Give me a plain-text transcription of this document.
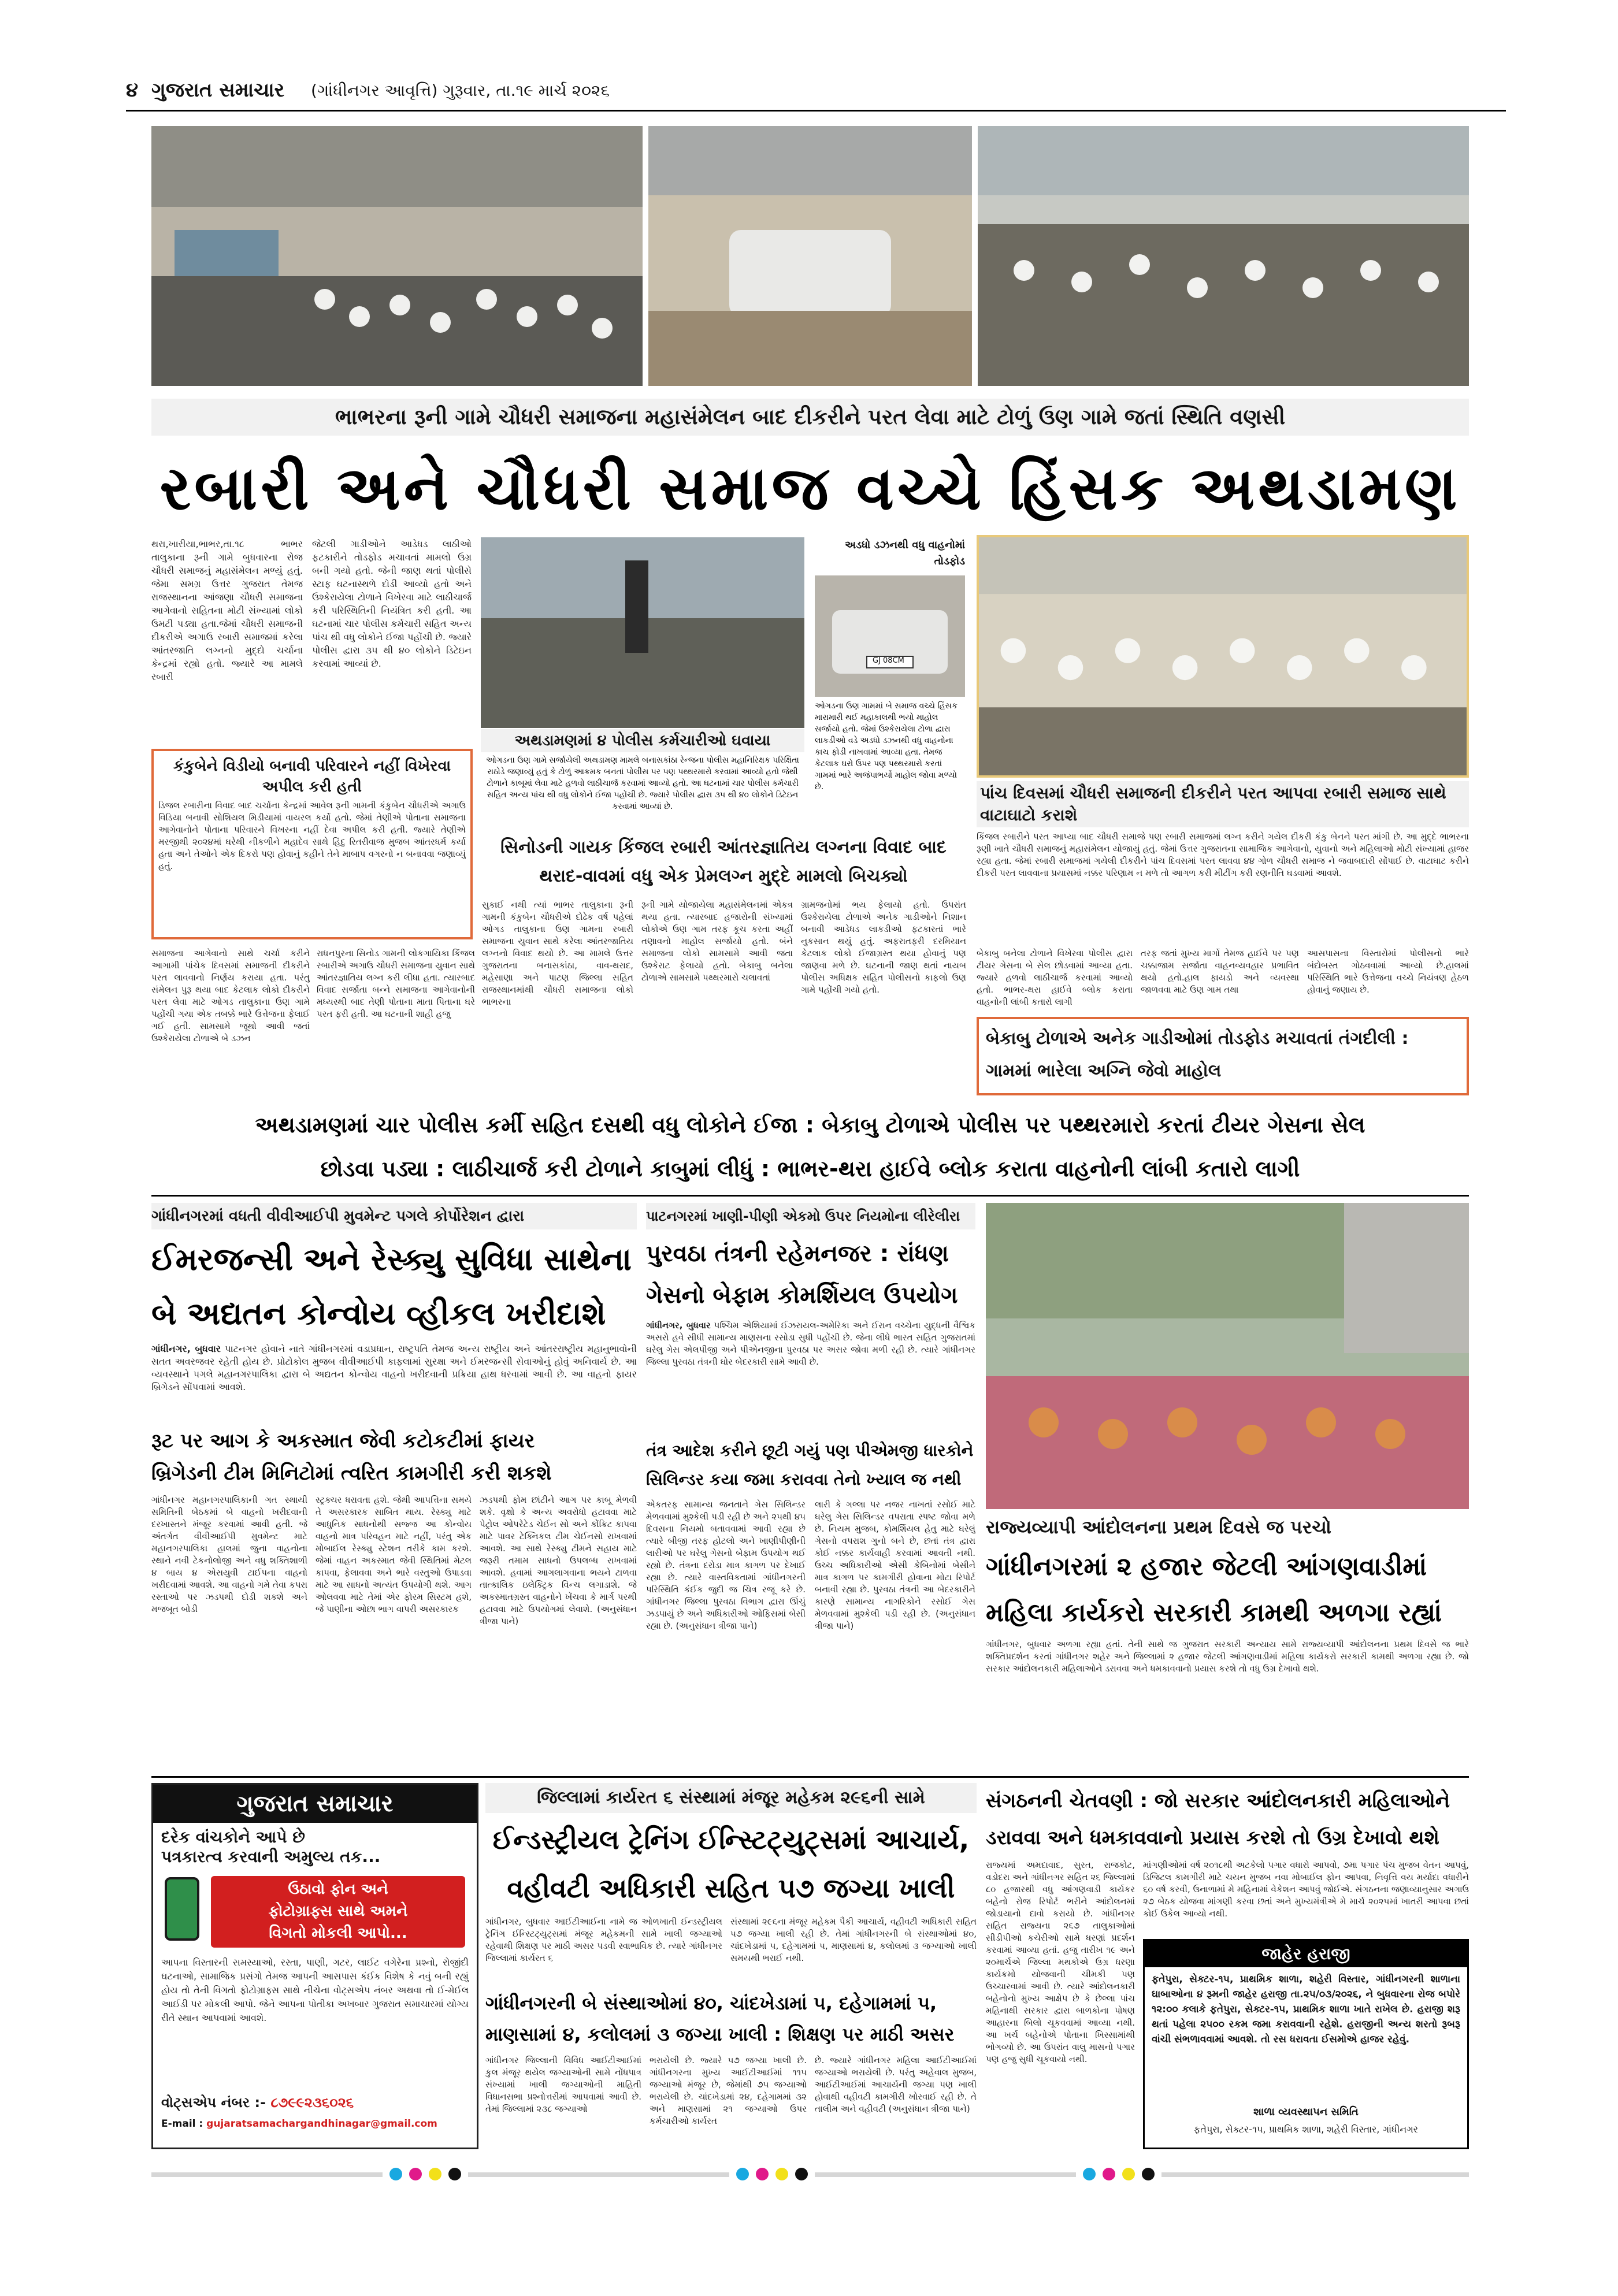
૪ ગુજરાત સમાચાર (ગાંધીનગર આવૃત્તિ) ગુરૂવાર, તા.૧૯ માર્ચ ૨૦૨૬
ભાભરના રૂની ગામે ચૌધરી સમાજના મહાસંમેલન બાદ દીકરીને પરત લેવા માટે ટોળું ઉણ ગામે જતાં સ્થિતિ વણસી
રબારી અને ચૌધરી સમાજ વચ્ચે હિંસક અથડામણ
થરા,ખારીયા,ભાભર,તા.૧૮ ભાભર તાલુકાના રૂની ગામે બુધવારના રોજ ચૌધરી સમાજનું મહાસંમેલન મળ્યું હતું. જેમા સમગ્ર ઉત્તર ગુજરાત તેમજ રાજસ્થાનના આંજણા ચૌધરી સમાજના આગેવાનો સહિતના મોટી સંખ્યામાં લોકો ઉમટી પડ્યા હતા.જેમાં ચૌધરી સમાજની દીકરીએ અગાઉ રબારી સમાજમાં કરેલા આંતરજાતિ લગ્નનો મુદ્દો ચર્ચાના કેન્દ્રમાં રહ્યો હતો. જ્યારે આ મામલે રબારી
જેટલી ગાડીઓને આડેધડ લાઠીઓ ફટકારીને તોડફોડ મચાવતાં મામલો ઉગ્ર બની ગયો હતો. જેની જાણ થતાં પોલીસે સ્ટાફ ઘટનાસ્થળે દોડી આવ્યો હતો અને ઉશ્કેરાયેલા ટોળાને વિખેરવા માટે લાઠીચાર્જ કરી પરિસ્થિતિની નિયંત્રિત કરી હતી. આ ઘટનામાં ચાર પોલીસ કર્મચારી સહિત અન્ય પાંચ થી વધુ લોકોને ઈજા પહોંચી છે. જ્યારે પોલીસ દ્વારા ૩૫ થી ૪૦ લોકોને ડિટેઇન કરવામાં આવ્યાં છે.
અથડામણમાં ૪ પોલીસ કર્મચારીઓ ઘવાયા
ઓગડના ઉણ ગામે સર્જાયેલી અથડામણ મામલે બનાસકાંઠા રેન્જના પોલીસ મહાનિરિક્ષક પરિક્ષિતા રાઠોડે જણાવ્યું હતું કે ટોળું આક્રમક બનતાં પોલીસ પર પણ પથ્થરમારો કરવામાં આવ્યો હતો જેથી ટોળાને કાબૂમાં લેવા માટે હળવો લાઠીચાર્જ કરવામાં આવ્યો હતો. આ ઘટનામાં ચાર પોલીસ કર્મચારી સહિત અન્ય પાંચ થી વધુ લોકોને ઈજા પહોંચી છે. જ્યારે પોલીસ દ્વારા ૩૫ થી ૪૦ લોકોને ડિટેઇન કરવામાં આવ્યાં છે.
અડધો ડઝનથી વધુ વાહનોમાં તોડફોડ
GJ 08CM
ઓગડના ઉણ ગામમાં બે સમાજ વચ્ચે હિંસક મારામારી થઈ મહાકાલથી ભયો માહોલ સર્જાયો હતો. જેમાં ઉશ્કેરાયેલા ટોળા દ્વારા લાકડીઓ વડે અડધો ડઝનથી વધુ વાહનોના કાચ ફોડી નાખવામાં આવ્યા હતા. તેમજ કેટલાક ઘરો ઉપર પણ પથ્થરમારો કરતાં ગામમાં ભારે અજંપાભર્યો માહોલ જોવા મળ્યો છે.
કંકુબેને વિડીયો બનાવી પરિવારને નહીં વિખેરવા અપીલ કરી હતી
ડિજલ રબારીના વિવાદ બાદ ચર્ચાના કેન્દ્રમાં આવેલ રૂની ગામની કંકુબેન ચૌધરીએ અગાઉ વિડિયા બનાવી સોશિયલ મિડીયામાં વાયરલ કર્યો હતો. જેમાં તેણીએ પોતાના સમાજના આગેવાનોને પોતાના પરિવારને વિખરના નહીં દેવા અપીલ કરી હતી. જ્યારે તેણીએ મરજીથી ૨૦૨૪માં ઘરેથી નીકળીને મહાદેવ સાથે હિંદુ રિતરીવાજ મુજબ આંતરધર્મ કર્યા હતા અને તેઓને એક દિકરો પણ હોવાનું કહીને તેને માબાપ વગરનો ન બનાવવા જણાવ્યું હતું.
પાંચ દિવસમાં ચૌધરી સમાજની દીકરીને પરત આપવા રબારી સમાજ સાથે વાટાઘાટો કરાશે
કિંજલ રબારીને પરત આપ્યા બાદ ચૌધરી સમાજે પણ રબારી સમાજમાં લગ્ન કરીને ગયેલ દીકરી કંકુ બેનને પરત માંગી છે. આ મુદ્દે ભાભરના રૂણી ખાતે ચૌધરી સમાજનું મહાસંમેલન યોજાયું હતું. જેમાં ઉત્તર ગુજરાતના સામાજિક આગેવાનો, યુવાનો અને મહિલાઓ મોટી સંખ્યામાં હાજર રહ્યા હતા. જેમાં રબારી સમાજમાં ગયેલી દીકરીને પાંચ દિવસમાં પરત લાવવા ૪૪ ગોળ ચૌધરી સમાજ ને જવાબદારી સોંપાઈ છે. વાટાઘાટ કરીને દીકરી પરત લાવવાના પ્રયાસમાં નક્કર પરિણામ ન મળે તો આગળ કરી મીટીંગ કરી રણનીતિ ઘડવામાં આવશે.
સિનોડની ગાયક કિંજલ રબારી આંતરજ્ઞાતિય લગ્નના વિવાદ બાદ થરાદ-વાવમાં વધુ એક પ્રેમલગ્ન મુદ્દે મામલો બિચક્યો
સમાજના આગેવાનો સાથે ચર્ચા કરીને આગામી પાંચેક દિવસમાં સમાજની દીકરીને પરત લાવવાનો નિર્ણય કરાયા હતા. પરંતુ સંમેલન પુરૂ થયા બાદ કેટલાક લોકો દીકરીને પરત લેવા માટે ઓગડ તાલુકાના ઉણ ગામે પહોંચી ગયા એક તબક્કે ભારે ઉત્તેજના ફેલાઈ ગઈ હતી. સામસામે જૂથો આવી જતાં ઉશ્કેરાયેલા ટોળાએ બે ડઝન
રાધનપુરના સિનોડ ગામની લોકગાયિકા કિંજલ રબારીએ અગાઉ ચૌધરી સમાજના યુવાન સાથે આંતરજ્ઞાતિય લગ્ન કરી લીધા હતા. ત્યારબાદ વિવાદ સર્જાતા બન્ને સમાજના આગેવાનોની મધ્યસ્થી બાદ તેણી પોતાના માતા પિતાના ઘરે પરત ફરી હતી. આ ઘટનાની શાહી હજુ
સુકાઈ નથી ત્યાં ભાભર તાલુકાના રૂની ગામની કંકુબેન ચૌધરીએ દોઢેક વર્ષ પહેલાં ઓગડ તાલુકાના ઉણ ગામના રબારી સમાજના યુવાન સાથે કરેલા આંતરજાતિય લગ્નનો વિવાદ થયો છે. આ મામલે ઉત્તર ગુજરાતના બનાસકાંઠા, વાવ-થરાદ, મહેસાણા અને પાટણ જિલ્લા સહિત રાજસ્થાનમાંથી ચૌધરી સમાજના લોકો ભાભરના
રૂની ગામે યોજાયેલા મહાસંમેલનમાં એકત્ર થયા હતા. ત્યારબાદ હજારોની સંખ્યામાં લોકોએ ઉણ ગામ તરફ કૂચ કરતા અહીં તણાવનો માહોલ સર્જાયો હતો. બંને સમાજના લોકો સામસામે આવી જતા ઉશ્કેરાટ ફેલાયો હતો. બેકાબુ બનેલા ટોળાએ સામસામે પથ્થરમારો ચલાવતાં
ગ્રામજનોમાં ભય ફેલાયો હતો. ઉપરાંત ઉશ્કેરાયેલા ટોળાએ અનેક ગાડીઓને નિશાન બનાવી આડેધડ લાકડીઓ ફટકારતાં ભારે નુકસાન થયું હતું. અફરાતફરી દરમિયાન કેટલાક લોકો ઈજાગ્રસ્ત થયા હોવાનું પણ જાણવા મળે છે. ઘટનાની જાણ થતાં નાયબ પોલીસ અધિક્ષક સહિત પોલીસનો કાફલો ઉણ ગામે પહોંચી ગયો હતો.
બેકાબુ બનેલા ટોળાને વિખેરવા પોલીસ દ્વારા ટીયર ગેસના બે સેલ છોડવામાં આવ્યા હતા. જ્યારે હળવો લાઠીચાર્જ કરવામાં આવ્યો હતો. ભાભર-થરા હાઈવે બ્લોક કરાતા વાહનોની લાંબી કતારો લાગી
તરફ જતાં મુખ્ય માર્ગો તેમજ હાઈવે પર પણ ચક્કાજામ સર્જાતા વાહનવ્યવહાર પ્રભાવિત થયો હતો.હાલ ફાયડો અને વ્યવસ્થા જાળવવા માટે ઉણ ગામ તથા
આસપાસના વિસ્તારોમાં પોલીસનો ભારે બંદોબસ્ત ગોઠવવામાં આવ્યો છે.હાલમાં પરિસ્થિતિ ભારે ઉત્તેજના વચ્ચે નિયંત્રણ હેઠળ હોવાનું જણાય છે.
બેકાબુ ટોળાએ અનેક ગાડીઓમાં તોડફોડ મચાવતાં તંગદીલી : ગામમાં ભારેલા અગ્નિ જેવો માહોલ
અથડામણમાં ચાર પોલીસ કર્મી સહિત દસથી વધુ લોકોને ઈજા : બેકાબુ ટોળાએ પોલીસ પર પથ્થરમારો કરતાં ટીયર ગેસના સેલ
છોડવા પડ્યા : લાઠીચાર્જ કરી ટોળાને કાબુમાં લીધું : ભાભર-થરા હાઈવે બ્લોક કરાતા વાહનોની લાંબી કતારો લાગી
ગાંધીનગરમાં વધતી વીવીઆઈપી મુવમેન્ટ પગલે કોર્પોરેશન દ્વારા
ઈમરજન્સી અને રેસ્ક્યુ સુવિધા સાથેના
બે અદ્યતન કોન્વોય વ્હીકલ ખરીદાશે
ગાંધીનગર, બુધવાર પાટનગર હોવાને નાતે ગાંધીનગરમાં વડાપ્રધાન, રાષ્ટ્રપતિ તેમજ અન્ય રાષ્ટ્રીય અને આંતરરાષ્ટ્રીય મહાનુભાવોની સતત અવરજવર રહેતી હોય છે. પ્રોટોકોલ મુજબ વીવીઆઈપી કાફલામાં સુરક્ષા અને ઈમરજન્સી સેવાઓનું હોવું અનિવાર્ય છે. આ વ્યવસ્થાને પગલે મહાનગરપાલિકા દ્વારા બે અદ્યતન કોન્વોય વાહનો ખરીદવાની પ્રક્રિયા હાથ ધરવામાં આવી છે. આ વાહનો ફાયર બ્રિગેડને સોંપવામાં આવશે.
રૂટ પર આગ કે અકસ્માત જેવી કટોકટીમાં ફાયર
બ્રિગેડની ટીમ મિનિટોમાં ત્વરિત કામગીરી કરી શકશે
ગાંધીનગર મહાનગરપાલિકાની ગત સ્થાયી સમિતિની બેઠકમાં બે વાહનો ખરીદવાની દરખાસ્તને મંજૂર કરવામાં આવી હતી. જે અંતર્ગત વીવીઆઈપી મુવમેન્ટ માટે મહાનગરપાલિકા હાલમાં જુના વાહનોના સ્થાને નવી ટેકનોલોજી અને વધુ શક્તિશાળી ૪ બાય ૪ એસયુવી ટાઈપના વાહનો ખરીદવામાં આવશે. આ વાહનો ગમે તેવા કપરા રસ્તાઓ પર ઝડપથી દોડી શકશે અને મજબૂત બોડી
સ્ટ્રક્ચર ધરાવતા હશે. જેથી આપત્તિના સમયે તે અસરકારક સાબિત થાય. રેસ્ક્યુ માટે આધુનિક સાધનોથી સજ્જ આ કોન્વોય વાહનો માત્ર પરિવહન માટે નહીં, પરંતુ એક મોબાઈલ રેસ્ક્યુ સ્ટેશન તરીકે કામ કરશે. જેમાં વાહન અકસ્માત જેવી સ્થિતિમાં મેટલ કાપવા, ફેલાવવા અને ભારે વસ્તુઓ ઉપાડવા માટે આ સાધનો અત્યંત ઉપયોગી થશે. આગ ઓલવવા માટે તેમાં એર ફોરમ સિસ્ટમ હશે, જે પાણીના ઓછા ભાગ વાપરી અસરકારક
ઝડપથી ફોમ છાંટીને આગ પર કાબૂ મેળવી શકે. વૃક્ષો કે અન્ય અવરોધો હટાવવા માટે પેટ્રોલ ઓપરેટેડ ચેઈન સો અને કોંક્રિટ કાપવા માટે પાવર ટેક્નિકલ ટીમ ચેઈનસો રાખવામાં આવશે. આ સાથે રેસ્ક્યુ ટીમને સહાય માટે જરૂરી તમામ સાધનો ઉપલબ્ધ રાખવામાં આવશે. હવામાં આગલાગવાના ભયને ટાળવા તાત્કાલિક ઇલેક્ટ્રિક વિન્ચ લગાડાશે. જે અકસ્માતગ્રસ્ત વાહનોને ખેંચવા કે માર્ગ પરથી હટાવવા માટે ઉપયોગમાં લેવાશે. (અનુસંધાન ત્રીજા પાને)
પાટનગરમાં ખાણી-પીણી એકમો ઉપર નિયમોના લીરેલીરા
પુરવઠા તંત્રની રહેમનજર : રાંધણ
ગેસનો બેફામ કોમર્શિયલ ઉપયોગ
ગાંધીનગર, બુધવાર પશ્ચિમ એશિયામાં ઈઝરાયલ-અમેરિકા અને ઈરાન વચ્ચેના યુદ્ધની વૈશ્વિક અસરો હવે સીધી સામાન્ય માણસના રસોડા સુધી પહોંચી છે. જેના લીધે ભારત સહિત ગુજરાતમાં ઘરેલુ ગેસ એલપીજી અને પીએનજીના પુરવઠા પર અસર જોવા મળી રહી છે. ત્યારે ગાંધીનગર જિલ્લા પુરવઠા તંત્રની ઘોર બેદરકારી સામે આવી છે.
તંત્ર આદેશ કરીને છૂટી ગયું પણ પીએમજી ધારકોને
સિલિન્ડર કયા જમા કરાવવા તેનો ખ્યાલ જ નથી
એકતરફ સામાન્ય જનતાને ગેસ સિલિન્ડર મેળવવામાં મુશ્કેલી પડી રહી છે અને ૨૫થી ૪૫ દિવસના નિયમો બતાવવામાં આવી રહ્યા છે ત્યારે બીજી તરફ હોટલો અને ખાણીપીણીની લારીઓ પર ઘરેલુ ગેસનો બેફામ ઉપયોગ થઈ રહ્યો છે. તંત્રના દરોડા માત્ર કાગળ પર દેખાઈ રહ્યા છે. ત્યારે વાસ્તવિકતામાં ગાંધીનગરની પરિસ્થિતિ કંઈક જુદી જ ચિત્ર રજૂ કરે છે. ગાંધીનગર જિલ્લા પુરવઠા વિભાગ દ્વારા ઊંચું ઝડપાયું છે અને અધિકારીઓ ઓફિસમાં બેસી રહ્યા છે. (અનુસંધાન ત્રીજા પાને)
લારી કે ગલ્લા પર નજર નાખતાં રસોઈ માટે ઘરેલુ ગેસ સિલિન્ડર વપરાતા સ્પષ્ટ જોવા મળે છે. નિયમ મુજબ, કોમર્શિયલ હેતુ માટે ઘરેલું ગેસનો વપરાશ ગુનો બને છે, છતાં તંત્ર દ્વારા કોઈ નક્કર કાર્યવાહી કરવામાં આવતી નથી. ઉચ્ચ અધિકારીઓ એસી કેબિનોમાં બેસીને માત્ર કાગળ પર કામગીરી હોવાના મોટા રિપોર્ટ બનાવી રહ્યા છે. પુરવઠા તંત્રની આ બેદરકારીને કારણે સામાન્ય નાગરિકોને રસોઈ ગેસ મેળવવામાં મુશ્કેલી પડી રહી છે. (અનુસંધાન ત્રીજા પાને)
રાજ્યવ્યાપી આંદોલનના પ્રથમ દિવસે જ પરચો
ગાંધીનગરમાં ૨ હજાર જેટલી આંગણવાડીમાં
મહિલા કાર્યકરો સરકારી કામથી અળગા રહ્યાં
ગાંધીનગર, બુધવાર અળગા રહ્યા હતાં. તેની સાથે જ ગુજરાત સરકારી અન્યાય સામે રાજ્યવ્યાપી આંદોલનના પ્રથમ દિવસે જ ભારે શક્તિપ્રદર્શન કરતાં ગાંધીનગર શહેર અને જિલ્લામાં ૨ હજાર જેટલી આંગણવાડીમાં મહિલા કાર્યકરો સરકારી કામથી અળગા રહ્યા છે. જો સરકાર આંદોલનકારી મહિલાઓને ડરાવવા અને ધમકાવવાનો પ્રયાસ કરશે તો વધુ ઉગ્ર દેખાવો થશે.
જિલ્લામાં કાર્યરત ૬ સંસ્થામાં મંજૂર મહેકમ ૨૯૬ની સામે
ઈન્ડસ્ટ્રીયલ ટ્રેનિંગ ઈન્સ્ટિટ્યુટ્સમાં આચાર્ય,
વહીવટી અધિકારી સહિત ૫૭ જગ્યા ખાલી
ગાંધીનગર, બુધવાર આઈટીઆઈના નામે જ ઓળખાતી ઈન્ડસ્ટ્રીયલ ટ્રેનિંગ ઈન્સ્ટિટ્યુટ્સમાં મંજૂર મહેકમની સામે ખાલી જગ્યાઓ રહેવાથી શિક્ષણ પર માઠી અસર પડવી સ્વાભાવિક છે. ત્યારે ગાંધીનગર જિલ્લામાં કાર્યરત ૬
સંસ્થામાં ૨૯૬ના મંજૂર મહેકમ પૈકી આચાર્ય, વહીવટી અધિકારી સહિત ૫૭ જગ્યા ખાલી રહી છે. તેમાં ગાંધીનગરની બે સંસ્થાઓમાં ૪૦, ચાંદખેડામાં ૫, દહેગામમાં ૫, માણસામાં ૪, કલોલમાં ૩ જગ્યાઓ ખાલી સમયથી ભરાઈ નથી.
ગાંધીનગરની બે સંસ્થાઓમાં ૪૦, ચાંદખેડામાં ૫, દહેગામમાં ૫,
માણસામાં ૪, કલોલમાં ૩ જગ્યા ખાલી : શિક્ષણ પર માઠી અસર
ગાંધીનગર જિલ્લાની વિવિધ આઈટીઆઈમાં કુલ મંજૂર થયેલ જગ્યાઓની સામે નોંધપાત્ર સંખ્યામાં ખાલી જગ્યાઓની માહિતી વિધાનસભા પ્રશ્નોત્તરીમાં આપવામાં આવી છે. તેમાં જિલ્લામાં ૨૩૮ જગ્યાઓ
ભરાયેલી છે. જ્યારે ૫૭ જગ્યા ખાલી છે. ગાંધીનગરના મુખ્ય આઈટીઆઈમાં ૧૧૫ જગ્યાઓ મંજૂર છે, જેમાંથી ૭૫ જગ્યાઓ ભરાયેલી છે. ચાંદખેડામાં ૨૪, દહેગામમાં ૩૨ અને માણસામાં ૨૧ જગ્યાઓ ઉપર કર્મચારીઓ કાર્યરત
છે. જ્યારે ગાંધીનગર મહિલા આઈટીઆઈમાં જગ્યાઓ ભરાયેલી છે. પરંતુ અહેવાલ મુજબ, આઈટીઆઈમાં આચાર્યની જગ્યા પણ ખાલી હોવાથી વહીવટી કામગીરી ખોરવાઈ રહી છે. તે તાલીમ અને વહીવટી (અનુસંધાન ત્રીજા પાને)
સંગઠનની ચેતવણી : જો સરકાર આંદોલનકારી મહિલાઓને
ડરાવવા અને ધમકાવવાનો પ્રયાસ કરશે તો ઉગ્ર દેખાવો થશે
રાજ્યમાં અમદાવાદ, સુરત, રાજકોટ, વડોદરા અને ગાંધીનગર સહિત ૨૬ જિલ્લામાં ૮૦ હજારથી વધુ આંગણવાડી કાર્યકર બહેનો રોજ રિપોર્ટ ભરીને આંદોલનમાં જોડાયાનો દાવો કરાયો છે. ગાંધીનગર સહિત રાજ્યના ૨૬૭ તાલુકાઓમાં સીડીપીઓ કચેરીઓ સામે ધરણાં પ્રદર્શન કરવામાં આવ્યા હતાં. હજુ તારીખ ૧૯ અને ૨૦માર્ચએ જિલ્લા મથકોએ ઉગ્ર ધરણા કાર્યક્રમો યોજવાની ચીમકી પણ ઉચ્ચારવામાં આવી છે. ત્યારે આંદોલનકારી બહેનોનો મુખ્ય આક્ષેપ છે કે છેલ્લા પાંચ મહિનાથી સરકાર દ્વારા બાળકોના પોષણ આહારના બિલો ચૂકવવામાં આવ્યા નથી. આ ખર્ચ બહેનોએ પોતાના ખિસ્સામાંથી ભોગવ્યો છે. આ ઉપરાંત વાલુ માસનો પગાર પણ હજુ સુધી ચૂકવાયો નથી.
માંગણીઓમાં વર્ષ ૨૦૧૮થી અટકેલો પગાર વધારો આપવો, ૭મા પગાર પંચ મુજબ વેતન આપવું, ડિજિટલ કામગીરી માટે ચયન મુજબ નવા મોબાઈલ ફોન આપવા, નિવૃત્તિ વય મર્યાદા વધારીને ૬૦ વર્ષ કરવી, ઉનાળામાં મે મહિનામાં વેકેશન આપવું જોઈએ. સંગઠનના જણાવ્યાનુસાર અગાઉ ૨૭ બેઠક યોજવા માંગણી કરવા છતાં અને મુખ્યમંત્રીએ મે માર્ચ ૨૦૨૫માં ખાતરી આપવા છતાં કોઈ ઉકેલ આવ્યો નથી.
જાહેર હરાજી
ફતેપુરા, સેક્ટર-૧૫, પ્રાથમિક શાળા, શહેરી વિસ્તાર, ગાંધીનગરની શાળાના ઘાબાઓના ૪ રૂમની જાહેર હરાજી તા.૨૫/૦૩/૨૦૨૬, ને બુધવારના રોજ બપોરે ૧૨:૦૦ કલાકે ફતેપુરા, સેક્ટર-૧૫, પ્રાથમિક શાળા ખાતે રાખેલ છે. હરાજી શરૂ થતાં પહેલા ૨૫૦૦ રકમ જમા કરાવવાની રહેશે. હરાજીની અન્ય શરતો રૂબરૂ વાંચી સંભળાવવામાં આવશે. તો રસ ધરાવતા ઈસમોએ હાજર રહેવું.
શાળા વ્યવસ્થાપન સમિતિ
ફતેપુરા, સેક્ટર-૧૫, પ્રાથમિક શાળા, શહેરી વિસ્તાર, ગાંધીનગર
ગુજરાત સમાચાર
દરેક વાંચકોને આપે છે
પત્રકારત્વ કરવાની અમુલ્ય તક...
ઉઠાવો ફોન અને
ફોટોગ્રાફ્સ સાથે અમને
વિગતો મોકલી આપો...
આપના વિસ્તારની સમસ્યાઓ, રસ્તા, પાણી, ગટર, લાઈટ વગેરેના પ્રશ્નો, રોજીંદી ઘટનાઓ, સામાજિક પ્રસંગો તેમજ આપની આસપાસ કંઈક વિશેષ કે નવું બની રહ્યું હોય તો તેની વિગતો ફોટોગ્રાફ્સ સાથે નીચેના વોટ્સએપ નંબર અથવા તો ઈ-મેઈલ આઈડી પર મોકલી આપો. જેને આપના પોતીકા અખબાર ગુજરાત સમાચારમાં યોગ્ય રીતે સ્થાન આપવામાં આવશે.
વોટ્સએપ નંબર :- ૮૭૯૯૨૩૬૦૨૬
E-mail : gujaratsamachargandhinagar@gmail.com
